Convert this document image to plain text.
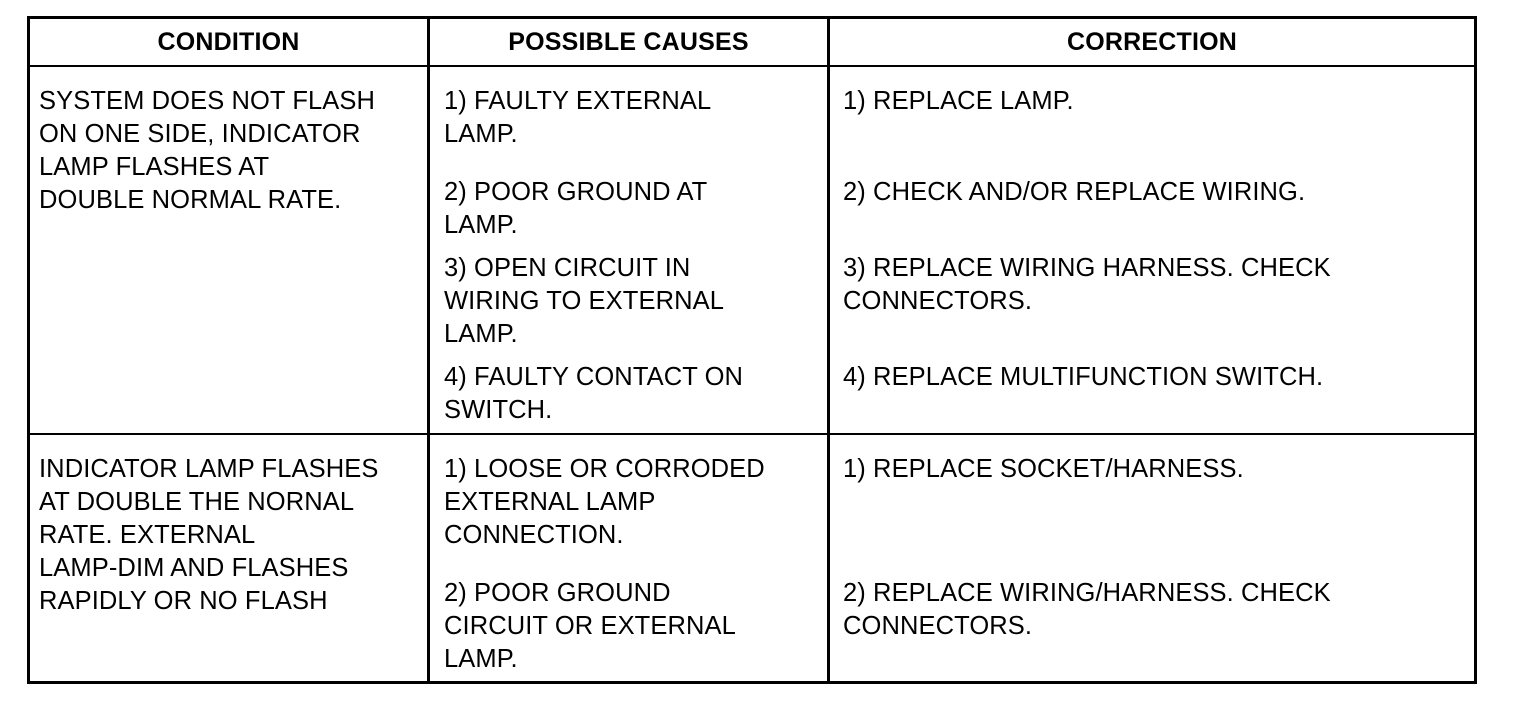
CONDITION	POSSIBLE CAUSES	CORRECTION
SYSTEM DOES NOT FLASH
ON ONE SIDE, INDICATOR
LAMP FLASHES AT
DOUBLE NORMAL RATE.
1) FAULTY EXTERNAL
LAMP.
1) REPLACE LAMP.
2) POOR GROUND AT
LAMP.
2) CHECK AND/OR REPLACE WIRING.
3) OPEN CIRCUIT IN
WIRING TO EXTERNAL
LAMP.
3) REPLACE WIRING HARNESS. CHECK
CONNECTORS.
4) FAULTY CONTACT ON
SWITCH.
4) REPLACE MULTIFUNCTION SWITCH.
INDICATOR LAMP FLASHES
AT DOUBLE THE NORNAL
RATE. EXTERNAL
LAMP-DIM AND FLASHES
RAPIDLY OR NO FLASH
1) LOOSE OR CORRODED
EXTERNAL LAMP
CONNECTION.
1) REPLACE SOCKET/HARNESS.
2) POOR GROUND
CIRCUIT OR EXTERNAL
LAMP.
2) REPLACE WIRING/HARNESS. CHECK
CONNECTORS.
